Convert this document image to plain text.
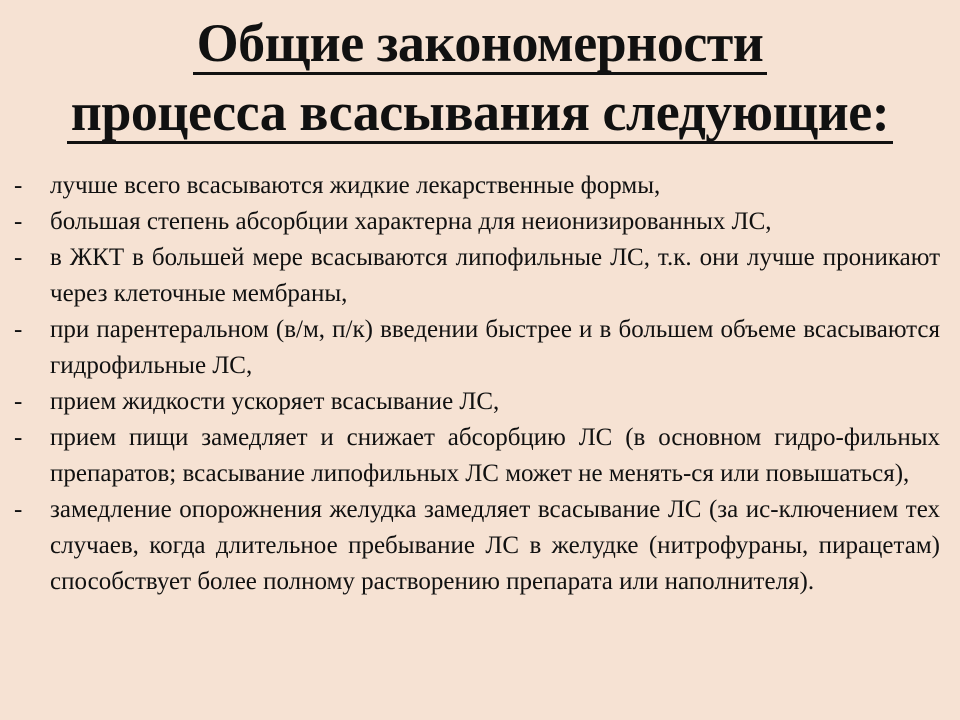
Общие закономерности
процесса всасывания следующие:
-	лучше всего всасываются жидкие лекарственные формы,
-	большая степень абсорбции характерна для неионизированных ЛС,
-	в ЖКТ в большей мере всасываются липофильные ЛС, т.к. они лучше проникают через клеточные мембраны,
-	при парентеральном (в/м, п/к) введении быстрее и в большем объеме всасываются гидрофильные ЛС,
-	прием жидкости ускоряет всасывание ЛС,
-	прием пищи замедляет и снижает абсорбцию ЛС (в основном гидро-фильных препаратов; всасывание липофильных ЛС может не менять-ся или повышаться),
-	замедление опорожнения желудка замедляет всасывание ЛС (за ис-ключением тех случаев, когда длительное пребывание ЛС в желудке (нитрофураны, пирацетам) способствует более полному растворению препарата или наполнителя).
